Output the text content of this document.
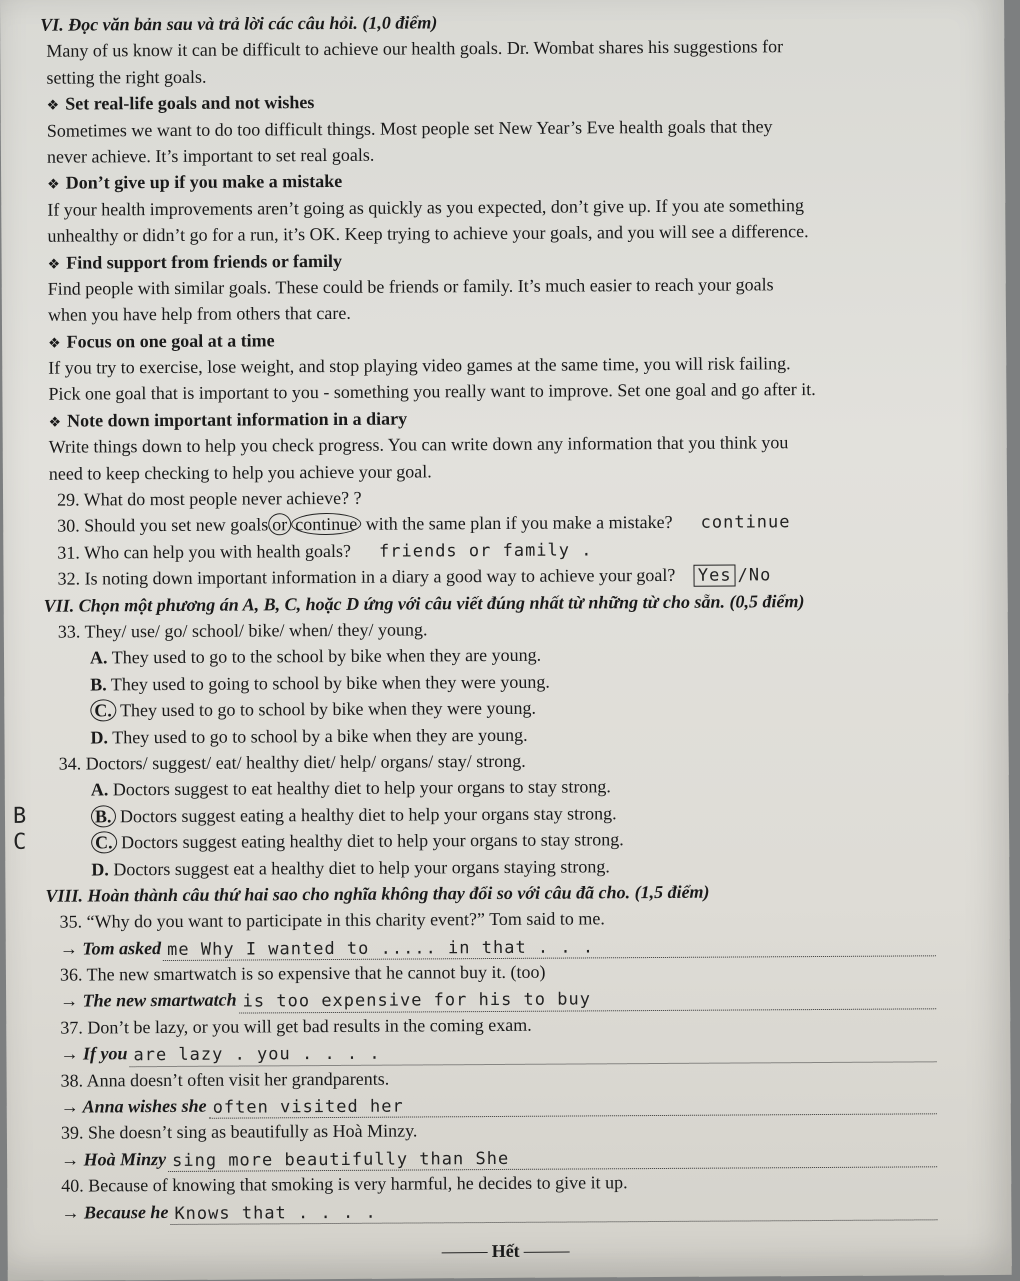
VI. Đọc văn bản sau và trả lời các câu hỏi. (1,0 điểm)
Many of us know it can be difficult to achieve our health goals. Dr. Wombat shares his suggestions for
setting the right goals.
❖ Set real-life goals and not wishes
Sometimes we want to do too difficult things. Most people set New Year’s Eve health goals that they
never achieve. It’s important to set real goals.
❖ Don’t give up if you make a mistake
If your health improvements aren’t going as quickly as you expected, don’t give up. If you ate something
unhealthy or didn’t go for a run, it’s OK. Keep trying to achieve your goals, and you will see a difference.
❖ Find support from friends or family
Find people with similar goals. These could be friends or family. It’s much easier to reach your goals
when you have help from others that care.
❖ Focus on one goal at a time
If you try to exercise, lose weight, and stop playing video games at the same time, you will risk failing.
Pick one goal that is important to you - something you really want to improve. Set one goal and go after it.
❖ Note down important information in a diary
Write things down to help you check progress. You can write down any information that you think you
need to keep checking to help you achieve your goal.
29. What do most people never achieve? ?
30. Should you set new goals or continue with the same plan if you make a mistake? continue
31. Who can help you with health goals? friends or family .
32. Is noting down important information in a diary a good way to achieve your goal? Yes /No
VII. Chọn một phương án A, B, C, hoặc D ứng với câu viết đúng nhất từ những từ cho sẵn. (0,5 điểm)
33. They/ use/ go/ school/ bike/ when/ they/ young.
A. They used to go to the school by bike when they are young.
B. They used to going to school by bike when they were young.
C. They used to go to school by bike when they were young.
D. They used to go to school by a bike when they are young.
34. Doctors/ suggest/ eat/ healthy diet/ help/ organs/ stay/ strong.
A. Doctors suggest to eat healthy diet to help your organs to stay strong.
B	B. Doctors suggest eating a healthy diet to help your organs stay strong.
C	C. Doctors suggest eating healthy diet to help your organs to stay strong.
D. Doctors suggest eat a healthy diet to help your organs staying strong.
VIII. Hoàn thành câu thứ hai sao cho nghĩa không thay đổi so với câu đã cho. (1,5 điểm)
35. “Why do you want to participate in this charity event?” Tom said to me.
→ Tom asked me Why I wanted to ..... in that . . .
36. The new smartwatch is so expensive that he cannot buy it. (too)
→ The new smartwatch is too expensive for his to buy
37. Don’t be lazy, or you will get bad results in the coming exam.
→ If you are lazy . you . . . .
38. Anna doesn’t often visit her grandparents.
→ Anna wishes she often visited her
39. She doesn’t sing as beautifully as Hoà Minzy.
→ Hoà Minzy sing more beautifully than She
40. Because of knowing that smoking is very harmful, he decides to give it up.
→ Because he Knows that . . . .
Hết
